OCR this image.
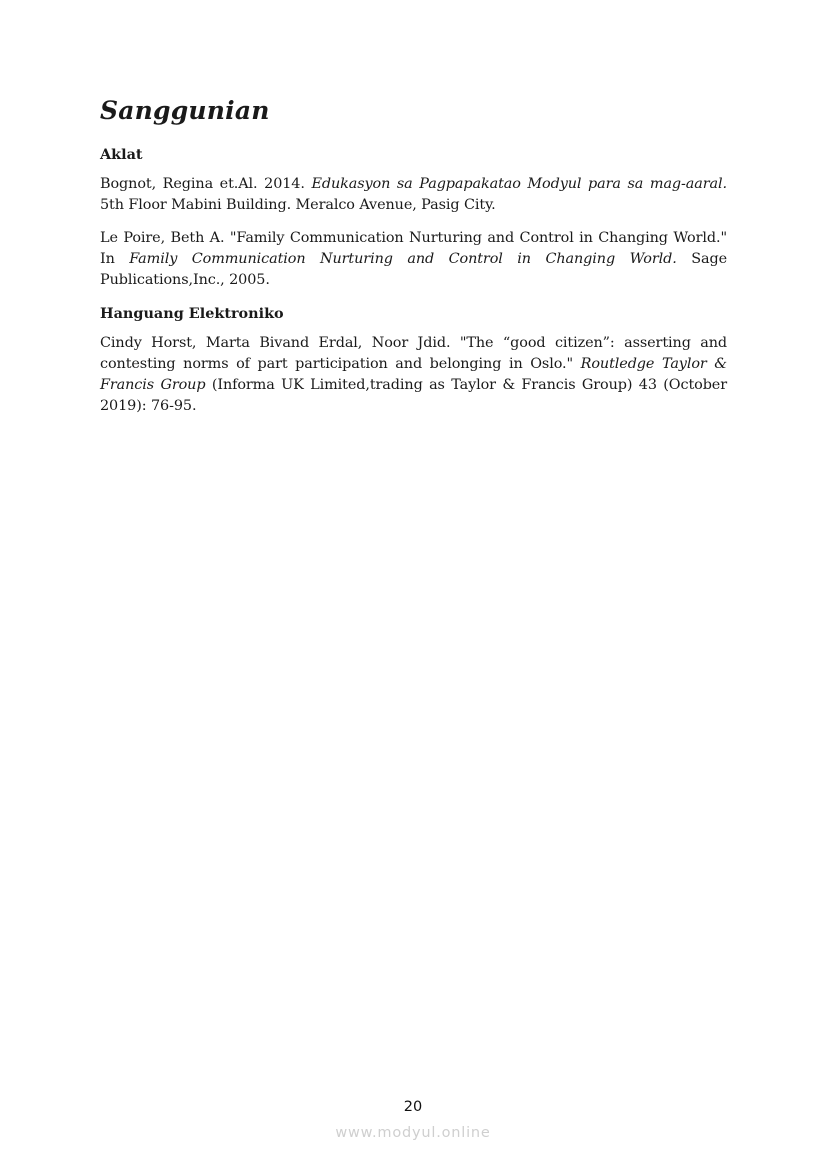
Sanggunian

Aklat

Bognot, Regina et.Al. 2014. Edukasyon sa Pagpapakatao Modyul para sa mag-aaral. 5th Floor Mabini Building. Meralco Avenue, Pasig City.

Le Poire, Beth A. "Family Communication Nurturing and Control in Changing World." In Family Communication Nurturing and Control in Changing World. Sage Publications,Inc., 2005.

Hanguang Elektroniko

Cindy Horst, Marta Bivand Erdal, Noor Jdid. "The “good citizen”: asserting and contesting norms of part participation and belonging in Oslo." Routledge Taylor & Francis Group (Informa UK Limited,trading as Taylor & Francis Group) 43 (October 2019): 76-95.

20
www.modyul.online
